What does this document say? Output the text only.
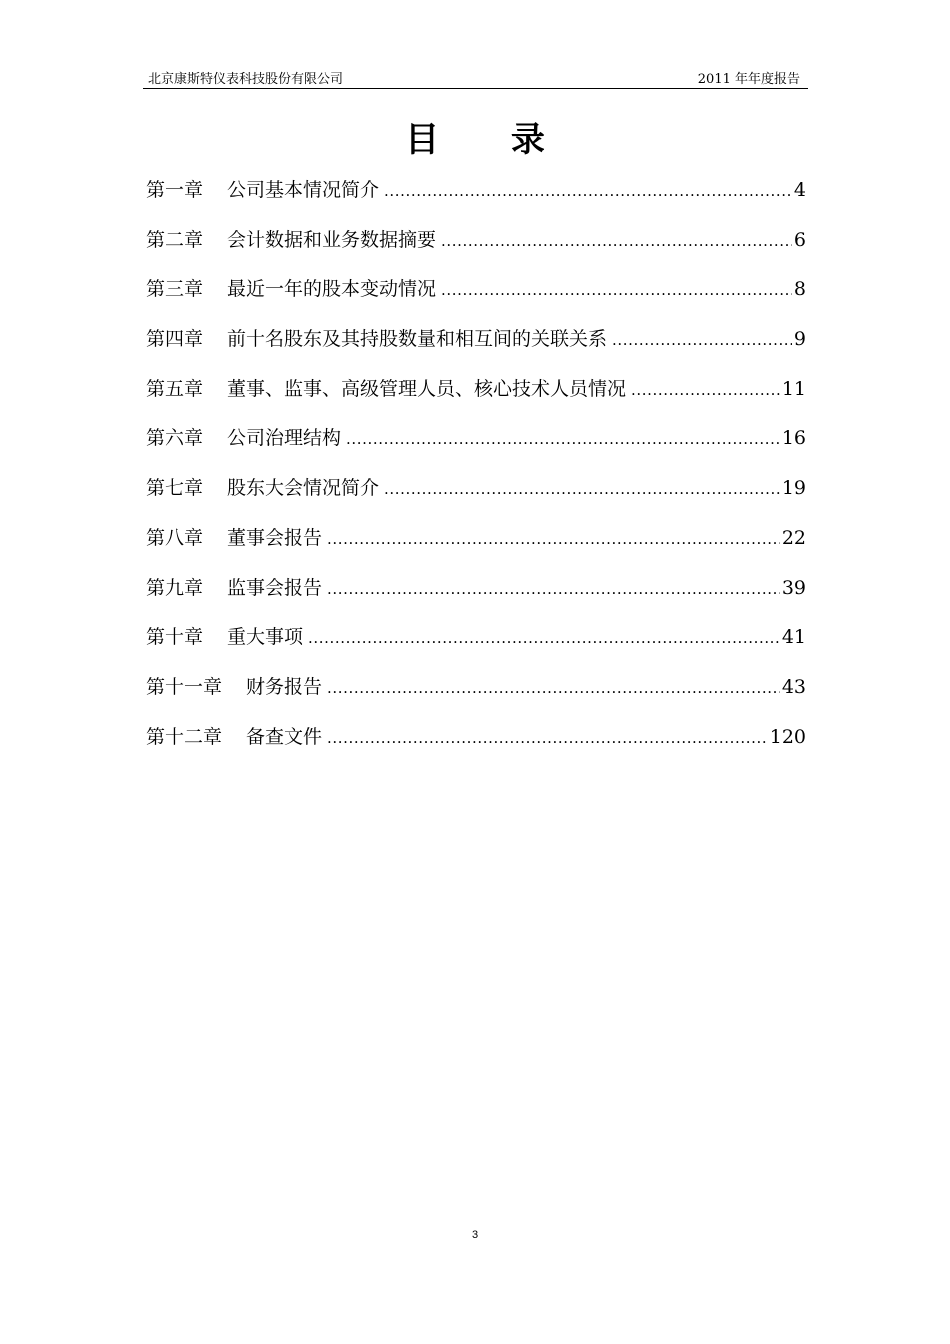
北京康斯特仪表科技股份有限公司	2011 年年度报告
目 录
第一章 公司基本情况简介 .....	4
第二章 会计数据和业务数据摘要 .....	6
第三章 最近一年的股本变动情况 .....	8
第四章 前十名股东及其持股数量和相互间的关联关系 .....	9
第五章 董事、监事、高级管理人员、核心技术人员情况 .....	11
第六章 公司治理结构 .....	16
第七章 股东大会情况简介 .....	19
第八章 董事会报告 .....	22
第九章 监事会报告 .....	39
第十章 重大事项 .....	41
第十一章 财务报告 .....	43
第十二章 备查文件 .....	120
3
